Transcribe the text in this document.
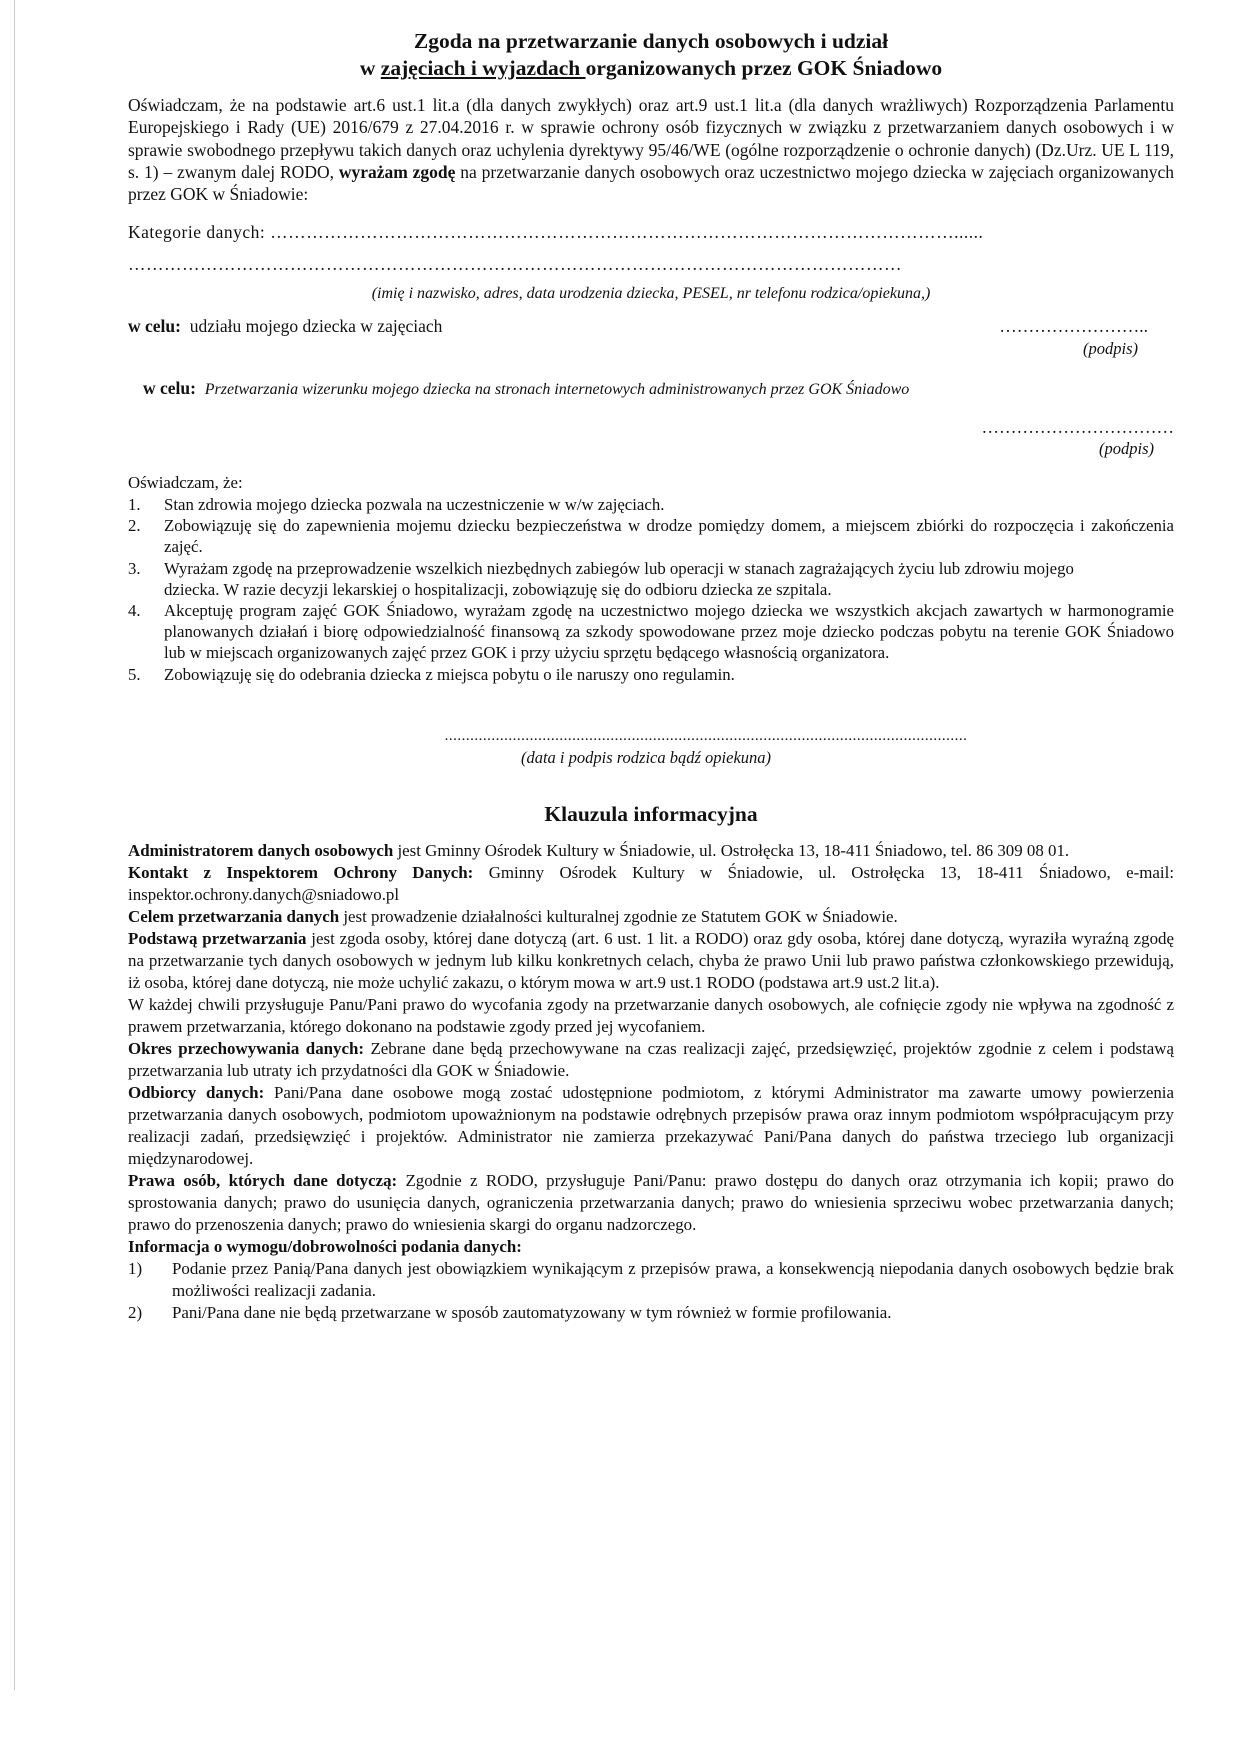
Zgoda na przetwarzanie danych osobowych i udział
w zajęciach i wyjazdach organizowanych przez GOK Śniadowo

Oświadczam, że na podstawie art.6 ust.1 lit.a (dla danych zwykłych) oraz art.9 ust.1 lit.a (dla danych wrażliwych) Rozporządzenia Parlamentu Europejskiego i Rady (UE) 2016/679 z 27.04.2016 r. w sprawie ochrony osób fizycznych w związku z przetwarzaniem danych osobowych i w sprawie swobodnego przepływu takich danych oraz uchylenia dyrektywy 95/46/WE (ogólne rozporządzenie o ochronie danych) (Dz.Urz. UE L 119, s. 1) – zwanym dalej RODO, wyrażam zgodę na przetwarzanie danych osobowych oraz uczestnictwo mojego dziecka w zajęciach organizowanych przez GOK w Śniadowie:

Kategorie danych: ……………………………………………………………………………………………………......
…………………………………………………………………………………………………………………
(imię i nazwisko, adres, data urodzenia dziecka, PESEL, nr telefonu rodzica/opiekuna,)
w celu: udziału mojego dziecka w zajęciach	……………………..
(podpis)
w celu: Przetwarzania wizerunku mojego dziecka na stronach internetowych administrowanych przez GOK Śniadowo
……………………………
(podpis)
Oświadczam, że:
1. Stan zdrowia mojego dziecka pozwala na uczestniczenie w w/w zajęciach.
2. Zobowiązuję się do zapewnienia mojemu dziecku bezpieczeństwa w drodze pomiędzy domem, a miejscem zbiórki do rozpoczęcia i zakończenia zajęć.
3. Wyrażam zgodę na przeprowadzenie wszelkich niezbędnych zabiegów lub operacji w stanach zagrażających życiu lub zdrowiu mojego dziecka. W razie decyzji lekarskiej o hospitalizacji, zobowiązuję się do odbioru dziecka ze szpitala.
4. Akceptuję program zajęć GOK Śniadowo, wyrażam zgodę na uczestnictwo mojego dziecka we wszystkich akcjach zawartych w harmonogramie planowanych działań i biorę odpowiedzialność finansową za szkody spowodowane przez moje dziecko podczas pobytu na terenie GOK Śniadowo lub w miejscach organizowanych zajęć przez GOK i przy użyciu sprzętu będącego własnością organizatora.
5. Zobowiązuję się do odebrania dziecka z miejsca pobytu o ile naruszy ono regulamin.
...........................................................................................................................
(data i podpis rodzica bądź opiekuna)
Klauzula informacyjna

Administratorem danych osobowych jest Gminny Ośrodek Kultury w Śniadowie, ul. Ostrołęcka 13, 18-411 Śniadowo, tel. 86 309 08 01.

Kontakt z Inspektorem Ochrony Danych: Gminny Ośrodek Kultury w Śniadowie, ul. Ostrołęcka 13, 18-411 Śniadowo, e-mail: inspektor.ochrony.danych@sniadowo.pl

Celem przetwarzania danych jest prowadzenie działalności kulturalnej zgodnie ze Statutem GOK w Śniadowie.

Podstawą przetwarzania jest zgoda osoby, której dane dotyczą (art. 6 ust. 1 lit. a RODO) oraz gdy osoba, której dane dotyczą, wyraziła wyraźną zgodę na przetwarzanie tych danych osobowych w jednym lub kilku konkretnych celach, chyba że prawo Unii lub prawo państwa członkowskiego przewidują, iż osoba, której dane dotyczą, nie może uchylić zakazu, o którym mowa w art.9 ust.1 RODO (podstawa art.9 ust.2 lit.a).

W każdej chwili przysługuje Panu/Pani prawo do wycofania zgody na przetwarzanie danych osobowych, ale cofnięcie zgody nie wpływa na zgodność z prawem przetwarzania, którego dokonano na podstawie zgody przed jej wycofaniem.

Okres przechowywania danych: Zebrane dane będą przechowywane na czas realizacji zajęć, przedsięwzięć, projektów zgodnie z celem i podstawą przetwarzania lub utraty ich przydatności dla GOK w Śniadowie.

Odbiorcy danych: Pani/Pana dane osobowe mogą zostać udostępnione podmiotom, z którymi Administrator ma zawarte umowy powierzenia przetwarzania danych osobowych, podmiotom upoważnionym na podstawie odrębnych przepisów prawa oraz innym podmiotom współpracującym przy realizacji zadań, przedsięwzięć i projektów. Administrator nie zamierza przekazywać Pani/Pana danych do państwa trzeciego lub organizacji międzynarodowej.

Prawa osób, których dane dotyczą: Zgodnie z RODO, przysługuje Pani/Panu: prawo dostępu do danych oraz otrzymania ich kopii; prawo do sprostowania danych; prawo do usunięcia danych, ograniczenia przetwarzania danych; prawo do wniesienia sprzeciwu wobec przetwarzania danych; prawo do przenoszenia danych; prawo do wniesienia skargi do organu nadzorczego.

Informacja o wymogu/dobrowolności podania danych:

1) Podanie przez Panią/Pana danych jest obowiązkiem wynikającym z przepisów prawa, a konsekwencją niepodania danych osobowych będzie brak możliwości realizacji zadania.
2) Pani/Pana dane nie będą przetwarzane w sposób zautomatyzowany w tym również w formie profilowania.
